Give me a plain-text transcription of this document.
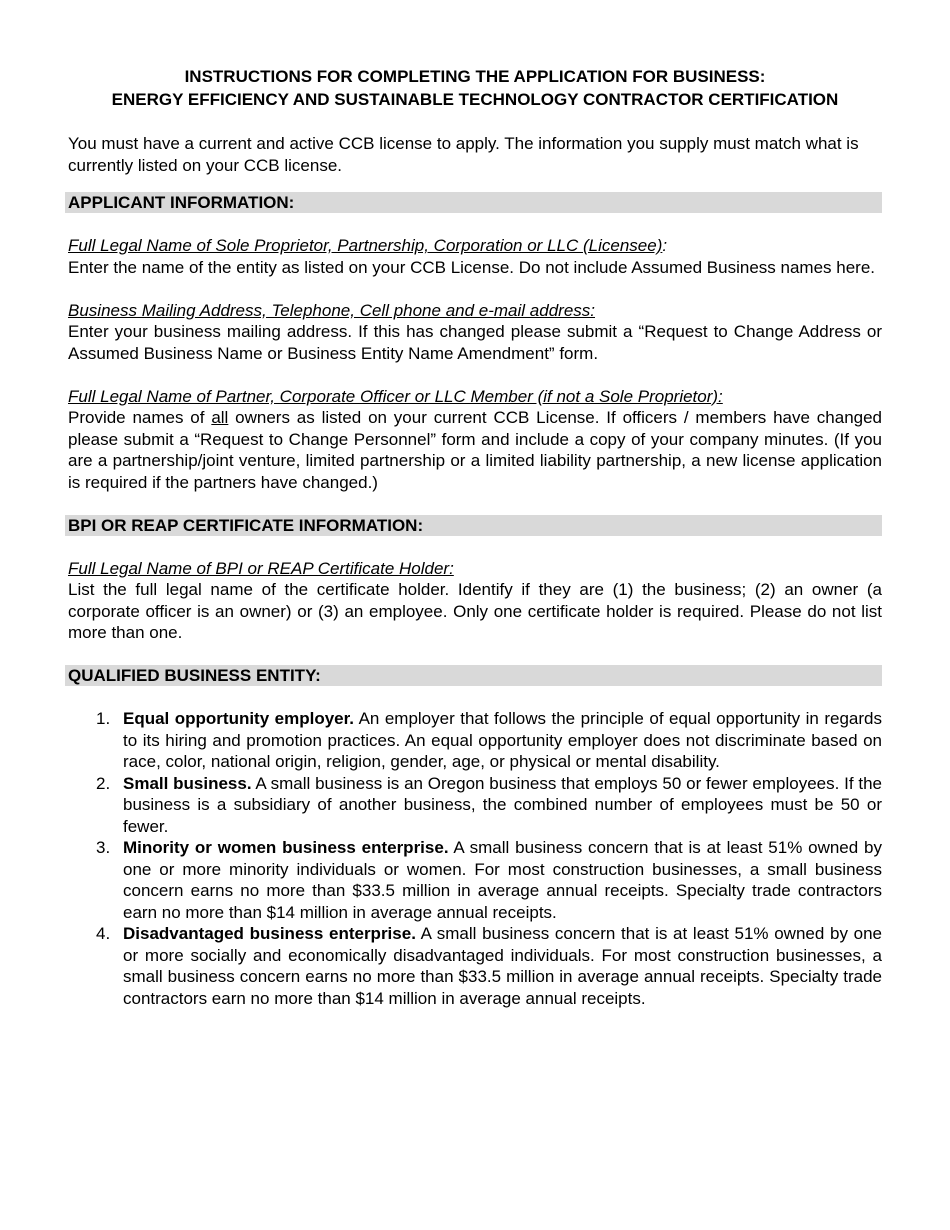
INSTRUCTIONS FOR COMPLETING THE APPLICATION FOR BUSINESS:
ENERGY EFFICIENCY AND SUSTAINABLE TECHNOLOGY CONTRACTOR CERTIFICATION

You must have a current and active CCB license to apply. The information you supply must match what is currently listed on your CCB license.

APPLICANT INFORMATION:
Full Legal Name of Sole Proprietor, Partnership, Corporation or LLC (Licensee):

Enter the name of the entity as listed on your CCB License. Do not include Assumed Business names here.

Business Mailing Address, Telephone, Cell phone and e-mail address:

Enter your business mailing address. If this has changed please submit a “Request to Change Address or Assumed Business Name or Business Entity Name Amendment” form.

Full Legal Name of Partner, Corporate Officer or LLC Member (if not a Sole Proprietor):

Provide names of all owners as listed on your current CCB License. If officers / members have changed please submit a “Request to Change Personnel” form and include a copy of your company minutes. (If you are a partnership/joint venture, limited partnership or a limited liability partnership, a new license application is required if the partners have changed.)

BPI OR REAP CERTIFICATE INFORMATION:
Full Legal Name of BPI or REAP Certificate Holder:

List the full legal name of the certificate holder. Identify if they are (1) the business; (2) an owner (a corporate officer is an owner) or (3) an employee. Only one certificate holder is required. Please do not list more than one.

QUALIFIED BUSINESS ENTITY:
1. Equal opportunity employer. An employer that follows the principle of equal opportunity in regards to its hiring and promotion practices. An equal opportunity employer does not discriminate based on race, color, national origin, religion, gender, age, or physical or mental disability.
2. Small business. A small business is an Oregon business that employs 50 or fewer employees. If the business is a subsidiary of another business, the combined number of employees must be 50 or fewer.
3. Minority or women business enterprise. A small business concern that is at least 51% owned by one or more minority individuals or women. For most construction businesses, a small business concern earns no more than $33.5 million in average annual receipts. Specialty trade contractors earn no more than $14 million in average annual receipts.
4. Disadvantaged business enterprise. A small business concern that is at least 51% owned by one or more socially and economically disadvantaged individuals. For most construction businesses, a small business concern earns no more than $33.5 million in average annual receipts. Specialty trade contractors earn no more than $14 million in average annual receipts.
